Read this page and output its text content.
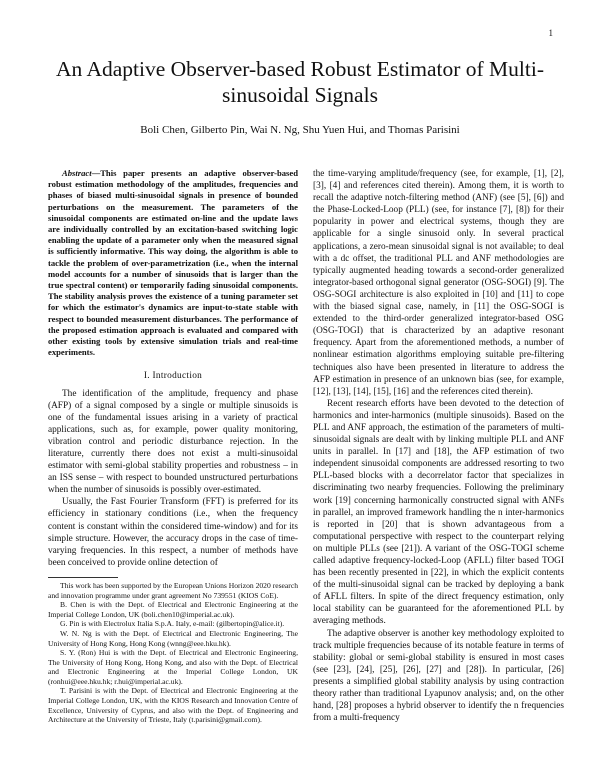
1
An Adaptive Observer-based Robust Estimator of Multi-sinusoidal Signals
Boli Chen, Gilberto Pin, Wai N. Ng, Shu Yuen Hui, and Thomas Parisini

Abstract—This paper presents an adaptive observer-based robust estimation methodology of the amplitudes, frequencies and phases of biased multi-sinusoidal signals in presence of bounded perturbations on the measurement. The parameters of the sinusoidal components are estimated on-line and the update laws are individually controlled by an excitation-based switching logic enabling the update of a parameter only when the measured signal is sufficiently informative. This way doing, the algorithm is able to tackle the problem of over-parametrization (i.e., when the internal model accounts for a number of sinusoids that is larger than the true spectral content) or temporarily fading sinusoidal components. The stability analysis proves the existence of a tuning parameter set for which the estimator's dynamics are input-to-state stable with respect to bounded measurement disturbances. The performance of the proposed estimation approach is evaluated and compared with other existing tools by extensive simulation trials and real-time experiments.

I. Introduction

The identification of the amplitude, frequency and phase (AFP) of a signal composed by a single or multiple sinusoids is one of the fundamental issues arising in a variety of practical applications, such as, for example, power quality monitoring, vibration control and periodic disturbance rejection. In the literature, currently there does not exist a multi-sinusoidal estimator with semi-global stability properties and robustness – in an ISS sense – with respect to bounded unstructured perturbations when the number of sinusoids is possibly over-estimated.

Usually, the Fast Fourier Transform (FFT) is preferred for its efficiency in stationary conditions (i.e., when the frequency content is constant within the considered time-window) and for its simple structure. However, the accuracy drops in the case of time-varying frequencies. In this respect, a number of methods have been conceived to provide online detection of

This work has been supported by the European Unions Horizon 2020 research and innovation programme under grant agreement No 739551 (KIOS CoE).

B. Chen is with the Dept. of Electrical and Electronic Engineering at the Imperial College London, UK (boli.chen10@imperial.ac.uk).

G. Pin is with Electrolux Italia S.p.A. Italy, e-mail: (gilbertopin@alice.it).

W. N. Ng is with the Dept. of Electrical and Electronic Engineering, The University of Hong Kong, Hong Kong (wnng@eee.hku.hk).

S. Y. (Ron) Hui is with the Dept. of Electrical and Electronic Engineering, The University of Hong Kong, Hong Kong, and also with the Dept. of Electrical and Electronic Engineering at the Imperial College London, UK (ronhui@eee.hku.hk; r.hui@imperial.ac.uk).

T. Parisini is with the Dept. of Electrical and Electronic Engineering at the Imperial College London, UK, with the KIOS Research and Innovation Centre of Excellence, University of Cyprus, and also with the Dept. of Engineering and Architecture at the University of Trieste, Italy (t.parisini@gmail.com).

the time-varying amplitude/frequency (see, for example, [1], [2], [3], [4] and references cited therein). Among them, it is worth to recall the adaptive notch-filtering method (ANF) (see [5], [6]) and the Phase-Locked-Loop (PLL) (see, for instance [7], [8]) for their popularity in power and electrical systems, though they are applicable for a single sinusoid only. In several practical applications, a zero-mean sinusoidal signal is not available; to deal with a dc offset, the traditional PLL and ANF methodologies are typically augmented heading towards a second-order generalized integrator-based orthogonal signal generator (OSG-SOGI) [9]. The OSG-SOGI architecture is also exploited in [10] and [11] to cope with the biased signal case, namely, in [11] the OSG-SOGI is extended to the third-order generalized integrator-based OSG (OSG-TOGI) that is characterized by an adaptive resonant frequency. Apart from the aforementioned methods, a number of nonlinear estimation algorithms employing suitable pre-filtering techniques also have been presented in literature to address the AFP estimation in presence of an unknown bias (see, for example, [12], [13], [14], [15], [16] and the references cited therein).

Recent research efforts have been devoted to the detection of harmonics and inter-harmonics (multiple sinusoids). Based on the PLL and ANF approach, the estimation of the parameters of multi-sinusoidal signals are dealt with by linking multiple PLL and ANF units in parallel. In [17] and [18], the AFP estimation of two independent sinusoidal components are addressed resorting to two PLL-based blocks with a decorrelator factor that specializes in discriminating two nearby frequencies. Following the preliminary work [19] concerning harmonically constructed signal with ANFs in parallel, an improved framework handling the n inter-harmonics is reported in [20] that is shown advantageous from a computational perspective with respect to the counterpart relying on multiple PLLs (see [21]). A variant of the OSG-TOGI scheme called adaptive frequency-locked-Loop (AFLL) filter based TOGI has been recently presented in [22], in which the explicit contents of the multi-sinusoidal signal can be tracked by deploying a bank of AFLL filters. In spite of the direct frequency estimation, only local stability can be guaranteed for the aforementioned PLL by averaging methods.

The adaptive observer is another key methodology exploited to track multiple frequencies because of its notable feature in terms of stability: global or semi-global stability is ensured in most cases (see [23], [24], [25], [26], [27] and [28]). In particular, [26] presents a simplified global stability analysis by using contraction theory rather than traditional Lyapunov analysis; and, on the other hand, [28] proposes a hybrid observer to identify the n frequencies from a multi-frequency
